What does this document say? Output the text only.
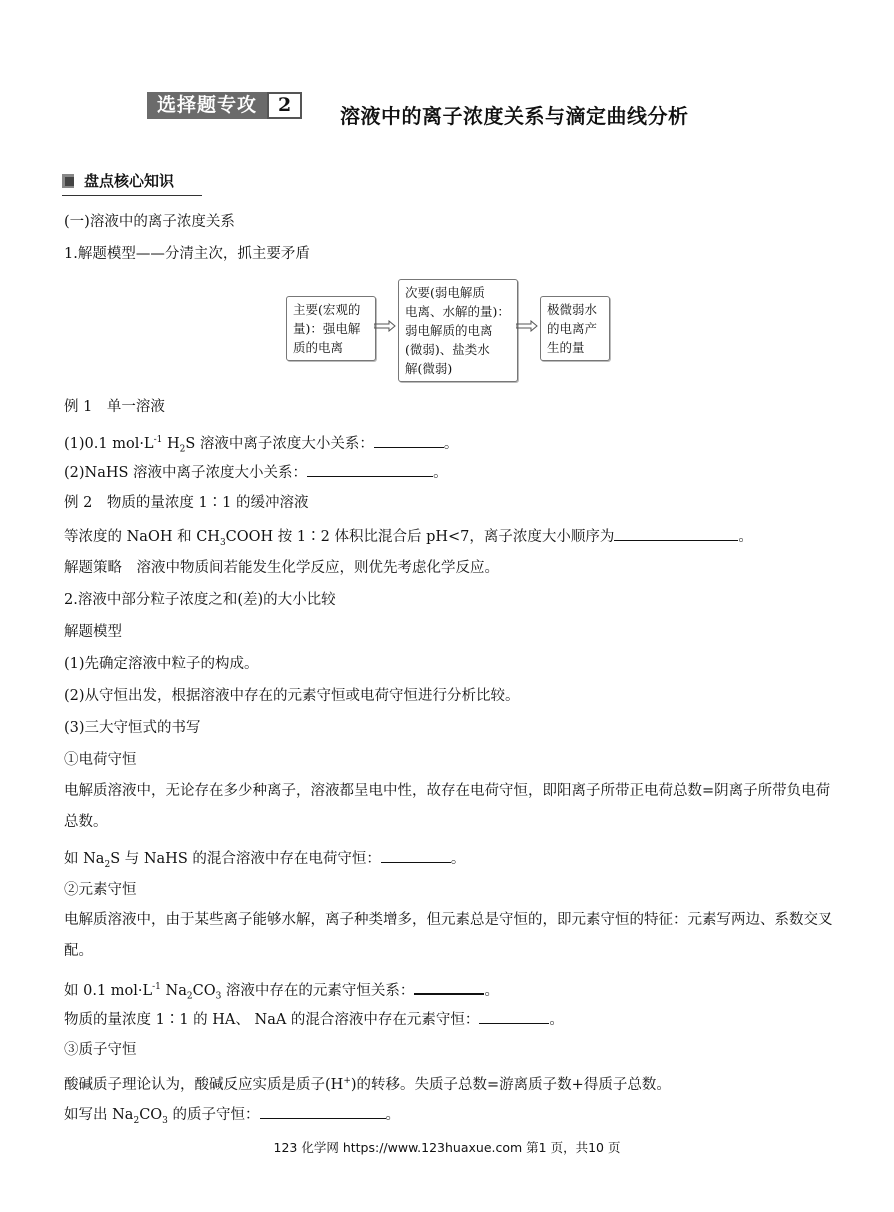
选择题专攻	2	溶液中的离子浓度关系与滴定曲线分析
盘点核心知识
(一)溶液中的离子浓度关系
1.解题模型——分清主次，抓主要矛盾
主要(宏观的
量)：强电解
质的电离
次要(弱电解质
电离、水解的量)：
弱电解质的电离
(微弱)、盐类水
解(微弱)
极微弱水
的电离产
生的量
例 1　单一溶液
(1)0.1 $mol\cdot L^{-1}$ $H_2S$ 溶液中离子浓度大小关系：	。
(2)NaHS 溶液中离子浓度大小关系：	。
例 2　物质的量浓度 1∶1 的缓冲溶液
等浓度的 NaOH 和 $CH_3COOH$ 按 1∶2 体积比混合后 pH<7，离子浓度大小顺序为	。
解题策略　溶液中物质间若能发生化学反应，则优先考虑化学反应。
2.溶液中部分粒子浓度之和(差)的大小比较
解题模型
(1)先确定溶液中粒子的构成。
(2)从守恒出发，根据溶液中存在的元素守恒或电荷守恒进行分析比较。
(3)三大守恒式的书写
①电荷守恒
电解质溶液中，无论存在多少种离子，溶液都呈电中性，故存在电荷守恒，即阳离子所带正电荷总数=阴离子所带负电荷总数。
如 $Na_2S$ 与 NaHS 的混合溶液中存在电荷守恒：	。
②元素守恒
电解质溶液中，由于某些离子能够水解，离子种类增多，但元素总是守恒的，即元素守恒的特征：元素写两边、系数交叉配。
如 0.1 $mol\cdot L^{-1}$ $Na_2CO_3$ 溶液中存在的元素守恒关系：	。
物质的量浓度 1∶1 的 HA、 NaA 的混合溶液中存在元素守恒：	。
③质子守恒
酸碱质子理论认为，酸碱反应实质是质子(H+)的转移。失质子总数=游离质子数+得质子总数。
如写出 $Na_2CO_3$ 的质子守恒：	。
123 化学网 https://www.123huaxue.com 第1 页，共10 页
